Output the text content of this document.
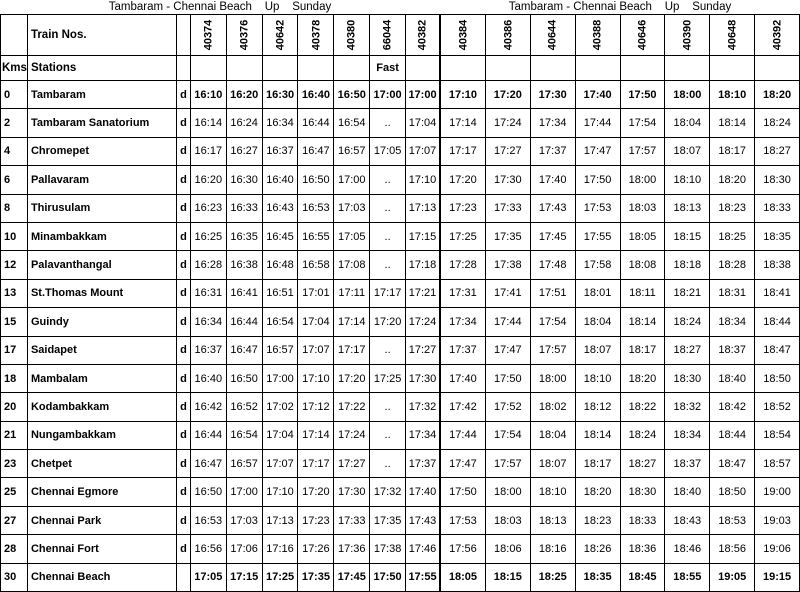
Tambaram - Chennai Beach    Up    Sunday
	Train Nos.		40374	40376	40642	40378	40380	66044	40382
Kms	Stations							Fast	
0	Tambaram	d	16:10	16:20	16:30	16:40	16:50	17:00	17:00
2	Tambaram Sanatorium	d	16:14	16:24	16:34	16:44	16:54	..	17:04
4	Chromepet	d	16:17	16:27	16:37	16:47	16:57	17:05	17:07
6	Pallavaram	d	16:20	16:30	16:40	16:50	17:00	..	17:10
8	Thirusulam	d	16:23	16:33	16:43	16:53	17:03	..	17:13
10	Minambakkam	d	16:25	16:35	16:45	16:55	17:05	..	17:15
12	Palavanthangal	d	16:28	16:38	16:48	16:58	17:08	..	17:18
13	St.Thomas Mount	d	16:31	16:41	16:51	17:01	17:11	17:17	17:21
15	Guindy	d	16:34	16:44	16:54	17:04	17:14	17:20	17:24
17	Saidapet	d	16:37	16:47	16:57	17:07	17:17	..	17:27
18	Mambalam	d	16:40	16:50	17:00	17:10	17:20	17:25	17:30
20	Kodambakkam	d	16:42	16:52	17:02	17:12	17:22	..	17:32
21	Nungambakkam	d	16:44	16:54	17:04	17:14	17:24	..	17:34
23	Chetpet	d	16:47	16:57	17:07	17:17	17:27	..	17:37
25	Chennai Egmore	d	16:50	17:00	17:10	17:20	17:30	17:32	17:40
27	Chennai Park	d	16:53	17:03	17:13	17:23	17:33	17:35	17:43
28	Chennai Fort	d	16:56	17:06	17:16	17:26	17:36	17:38	17:46
30	Chennai Beach		17:05	17:15	17:25	17:35	17:45	17:50	17:55
Tambaram - Chennai Beach    Up    Sunday
40384	40386	40644	40388	40646	40390	40648	40392

17:10	17:20	17:30	17:40	17:50	18:00	18:10	18:20
17:14	17:24	17:34	17:44	17:54	18:04	18:14	18:24
17:17	17:27	17:37	17:47	17:57	18:07	18:17	18:27
17:20	17:30	17:40	17:50	18:00	18:10	18:20	18:30
17:23	17:33	17:43	17:53	18:03	18:13	18:23	18:33
17:25	17:35	17:45	17:55	18:05	18:15	18:25	18:35
17:28	17:38	17:48	17:58	18:08	18:18	18:28	18:38
17:31	17:41	17:51	18:01	18:11	18:21	18:31	18:41
17:34	17:44	17:54	18:04	18:14	18:24	18:34	18:44
17:37	17:47	17:57	18:07	18:17	18:27	18:37	18:47
17:40	17:50	18:00	18:10	18:20	18:30	18:40	18:50
17:42	17:52	18:02	18:12	18:22	18:32	18:42	18:52
17:44	17:54	18:04	18:14	18:24	18:34	18:44	18:54
17:47	17:57	18:07	18:17	18:27	18:37	18:47	18:57
17:50	18:00	18:10	18:20	18:30	18:40	18:50	19:00
17:53	18:03	18:13	18:23	18:33	18:43	18:53	19:03
17:56	18:06	18:16	18:26	18:36	18:46	18:56	19:06
18:05	18:15	18:25	18:35	18:45	18:55	19:05	19:15
